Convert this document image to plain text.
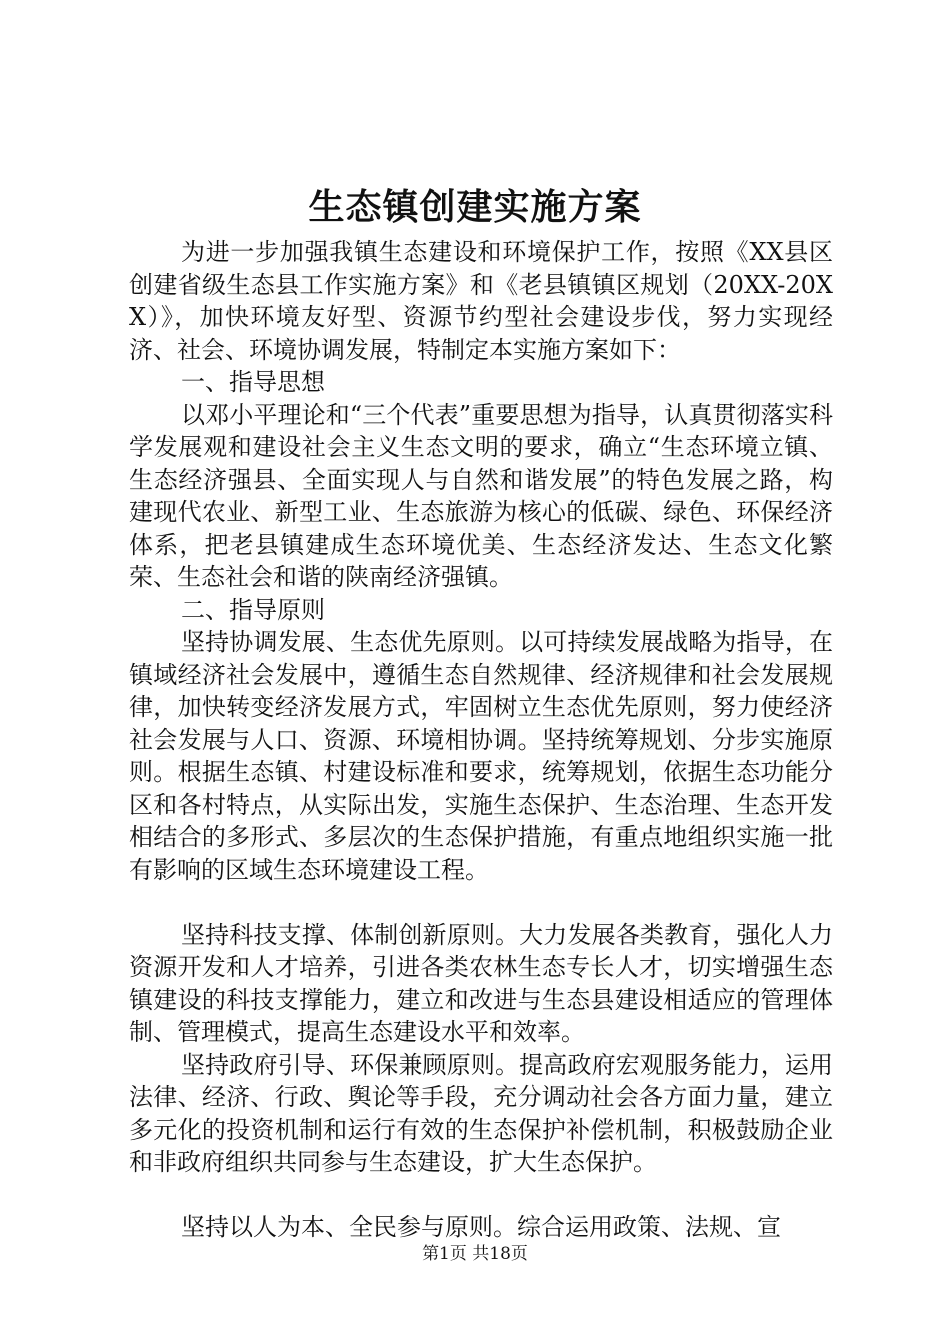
生态镇创建实施方案

为进一步加强我镇生态建设和环境保护工作，按照《XX县区创建省级生态县工作实施方案》和《老县镇镇区规划（20XX-20XX）》，加快环境友好型、资源节约型社会建设步伐，努力实现经济、社会、环境协调发展，特制定本实施方案如下：

一、指导思想

以邓小平理论和“三个代表”重要思想为指导，认真贯彻落实科学发展观和建设社会主义生态文明的要求，确立“生态环境立镇、生态经济强县、全面实现人与自然和谐发展”的特色发展之路，构建现代农业、新型工业、生态旅游为核心的低碳、绿色、环保经济体系，把老县镇建成生态环境优美、生态经济发达、生态文化繁荣、生态社会和谐的陕南经济强镇。

二、指导原则

坚持协调发展、生态优先原则。以可持续发展战略为指导，在镇域经济社会发展中，遵循生态自然规律、经济规律和社会发展规律，加快转变经济发展方式，牢固树立生态优先原则，努力使经济社会发展与人口、资源、环境相协调。坚持统筹规划、分步实施原则。根据生态镇、村建设标准和要求，统筹规划，依据生态功能分区和各村特点，从实际出发，实施生态保护、生态治理、生态开发相结合的多形式、多层次的生态保护措施，有重点地组织实施一批有影响的区域生态环境建设工程。

坚持科技支撑、体制创新原则。大力发展各类教育，强化人力资源开发和人才培养，引进各类农林生态专长人才，切实增强生态镇建设的科技支撑能力，建立和改进与生态县建设相适应的管理体制、管理模式，提高生态建设水平和效率。

坚持政府引导、环保兼顾原则。提高政府宏观服务能力，运用法律、经济、行政、舆论等手段，充分调动社会各方面力量，建立多元化的投资机制和运行有效的生态保护补偿机制，积极鼓励企业和非政府组织共同参与生态建设，扩大生态保护。

坚持以人为本、全民参与原则。综合运用政策、法规、宣

第1页 共18页
